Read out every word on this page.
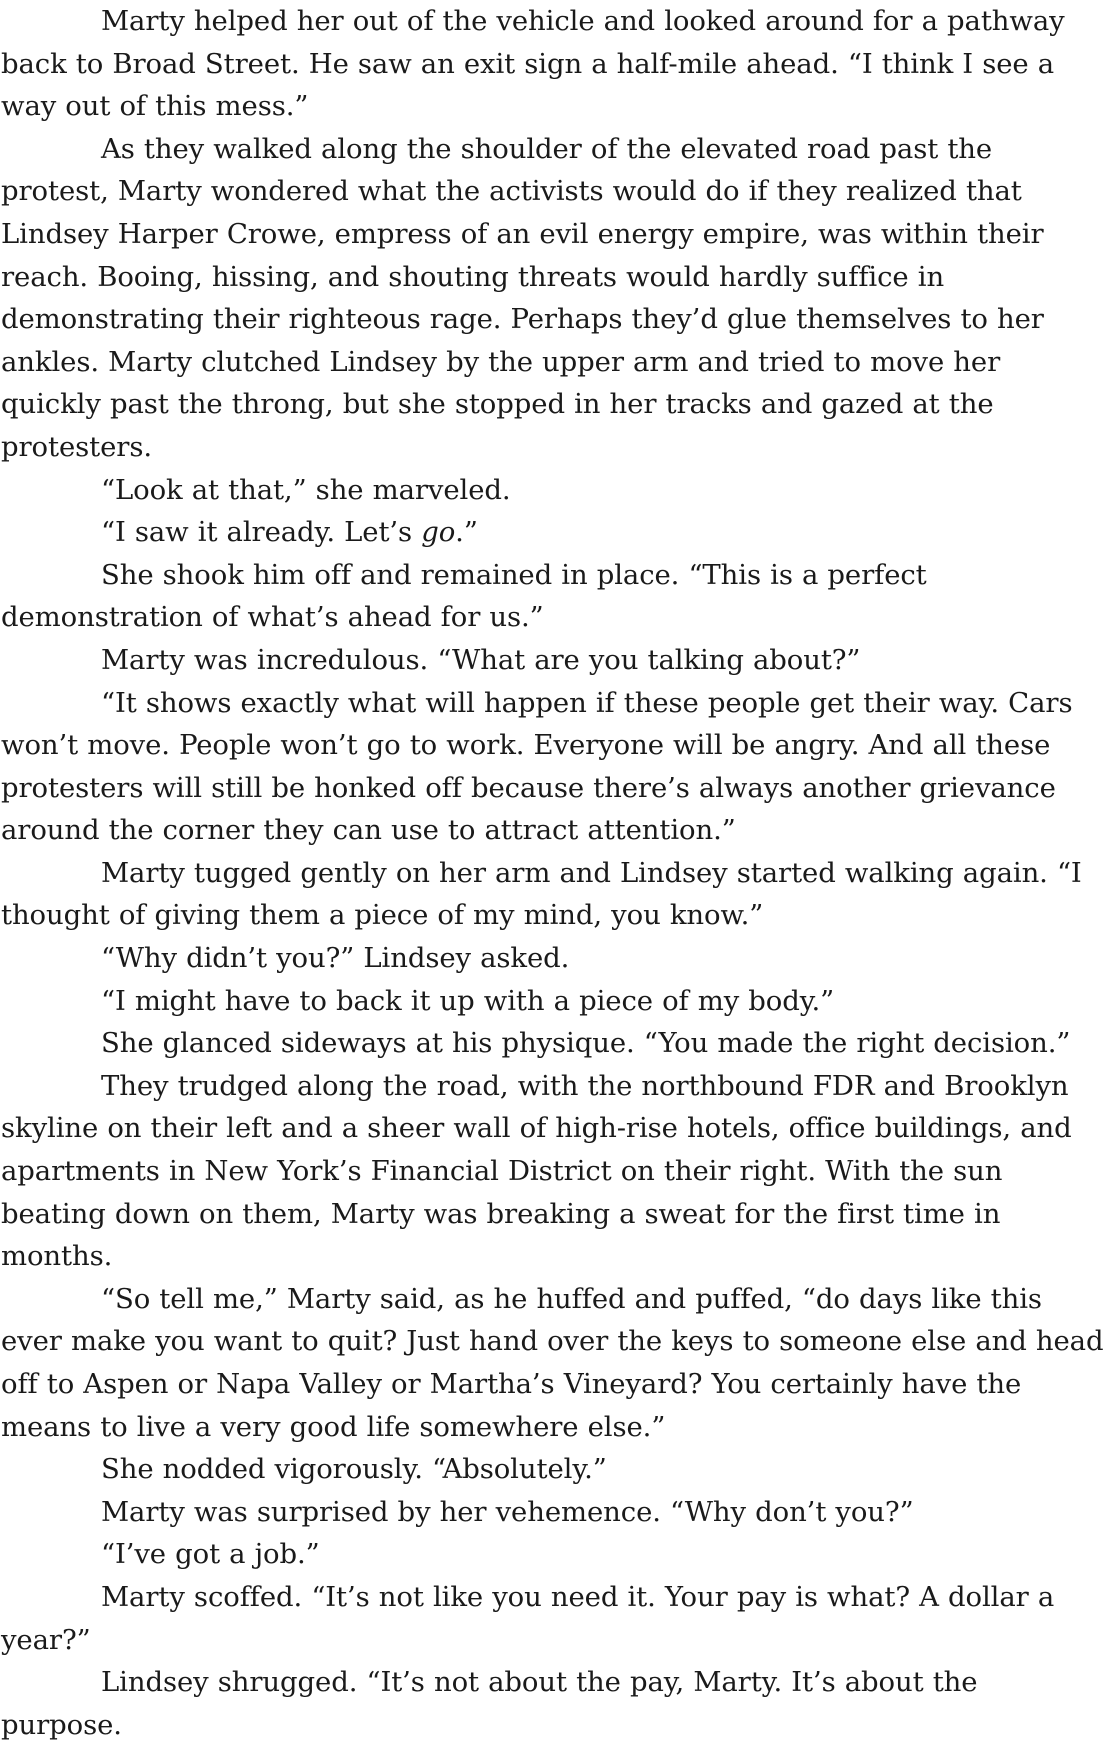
Marty helped her out of the vehicle and looked around for a pathway back to Broad Street. He saw an exit sign a half-mile ahead. “I think I see a way out of this mess.”

As they walked along the shoulder of the elevated road past the protest, Marty wondered what the activists would do if they realized that Lindsey Harper Crowe, empress of an evil energy empire, was within their reach. Booing, hissing, and shouting threats would hardly suffice in demonstrating their righteous rage. Perhaps they’d glue themselves to her ankles. Marty clutched Lindsey by the upper arm and tried to move her quickly past the throng, but she stopped in her tracks and gazed at the protesters.

“Look at that,” she marveled.

“I saw it already. Let’s go.”

She shook him off and remained in place. “This is a perfect demonstration of what’s ahead for us.”

Marty was incredulous. “What are you talking about?”

“It shows exactly what will happen if these people get their way. Cars won’t move. People won’t go to work. Everyone will be angry. And all these protesters will still be honked off because there’s always another grievance around the corner they can use to attract attention.”

Marty tugged gently on her arm and Lindsey started walking again. “I thought of giving them a piece of my mind, you know.”

“Why didn’t you?” Lindsey asked.

“I might have to back it up with a piece of my body.”

She glanced sideways at his physique. “You made the right decision.”

They trudged along the road, with the northbound FDR and Brooklyn skyline on their left and a sheer wall of high-rise hotels, office buildings, and apartments in New York’s Financial District on their right. With the sun beating down on them, Marty was breaking a sweat for the first time in months.

“So tell me,” Marty said, as he huffed and puffed, “do days like this ever make you want to quit? Just hand over the keys to someone else and head off to Aspen or Napa Valley or Martha’s Vineyard? You certainly have the means to live a very good life somewhere else.”

She nodded vigorously. “Absolutely.”

Marty was surprised by her vehemence. “Why don’t you?”

“I’ve got a job.”

Marty scoffed. “It’s not like you need it. Your pay is what? A dollar a year?”

Lindsey shrugged. “It’s not about the pay, Marty. It’s about the purpose.
